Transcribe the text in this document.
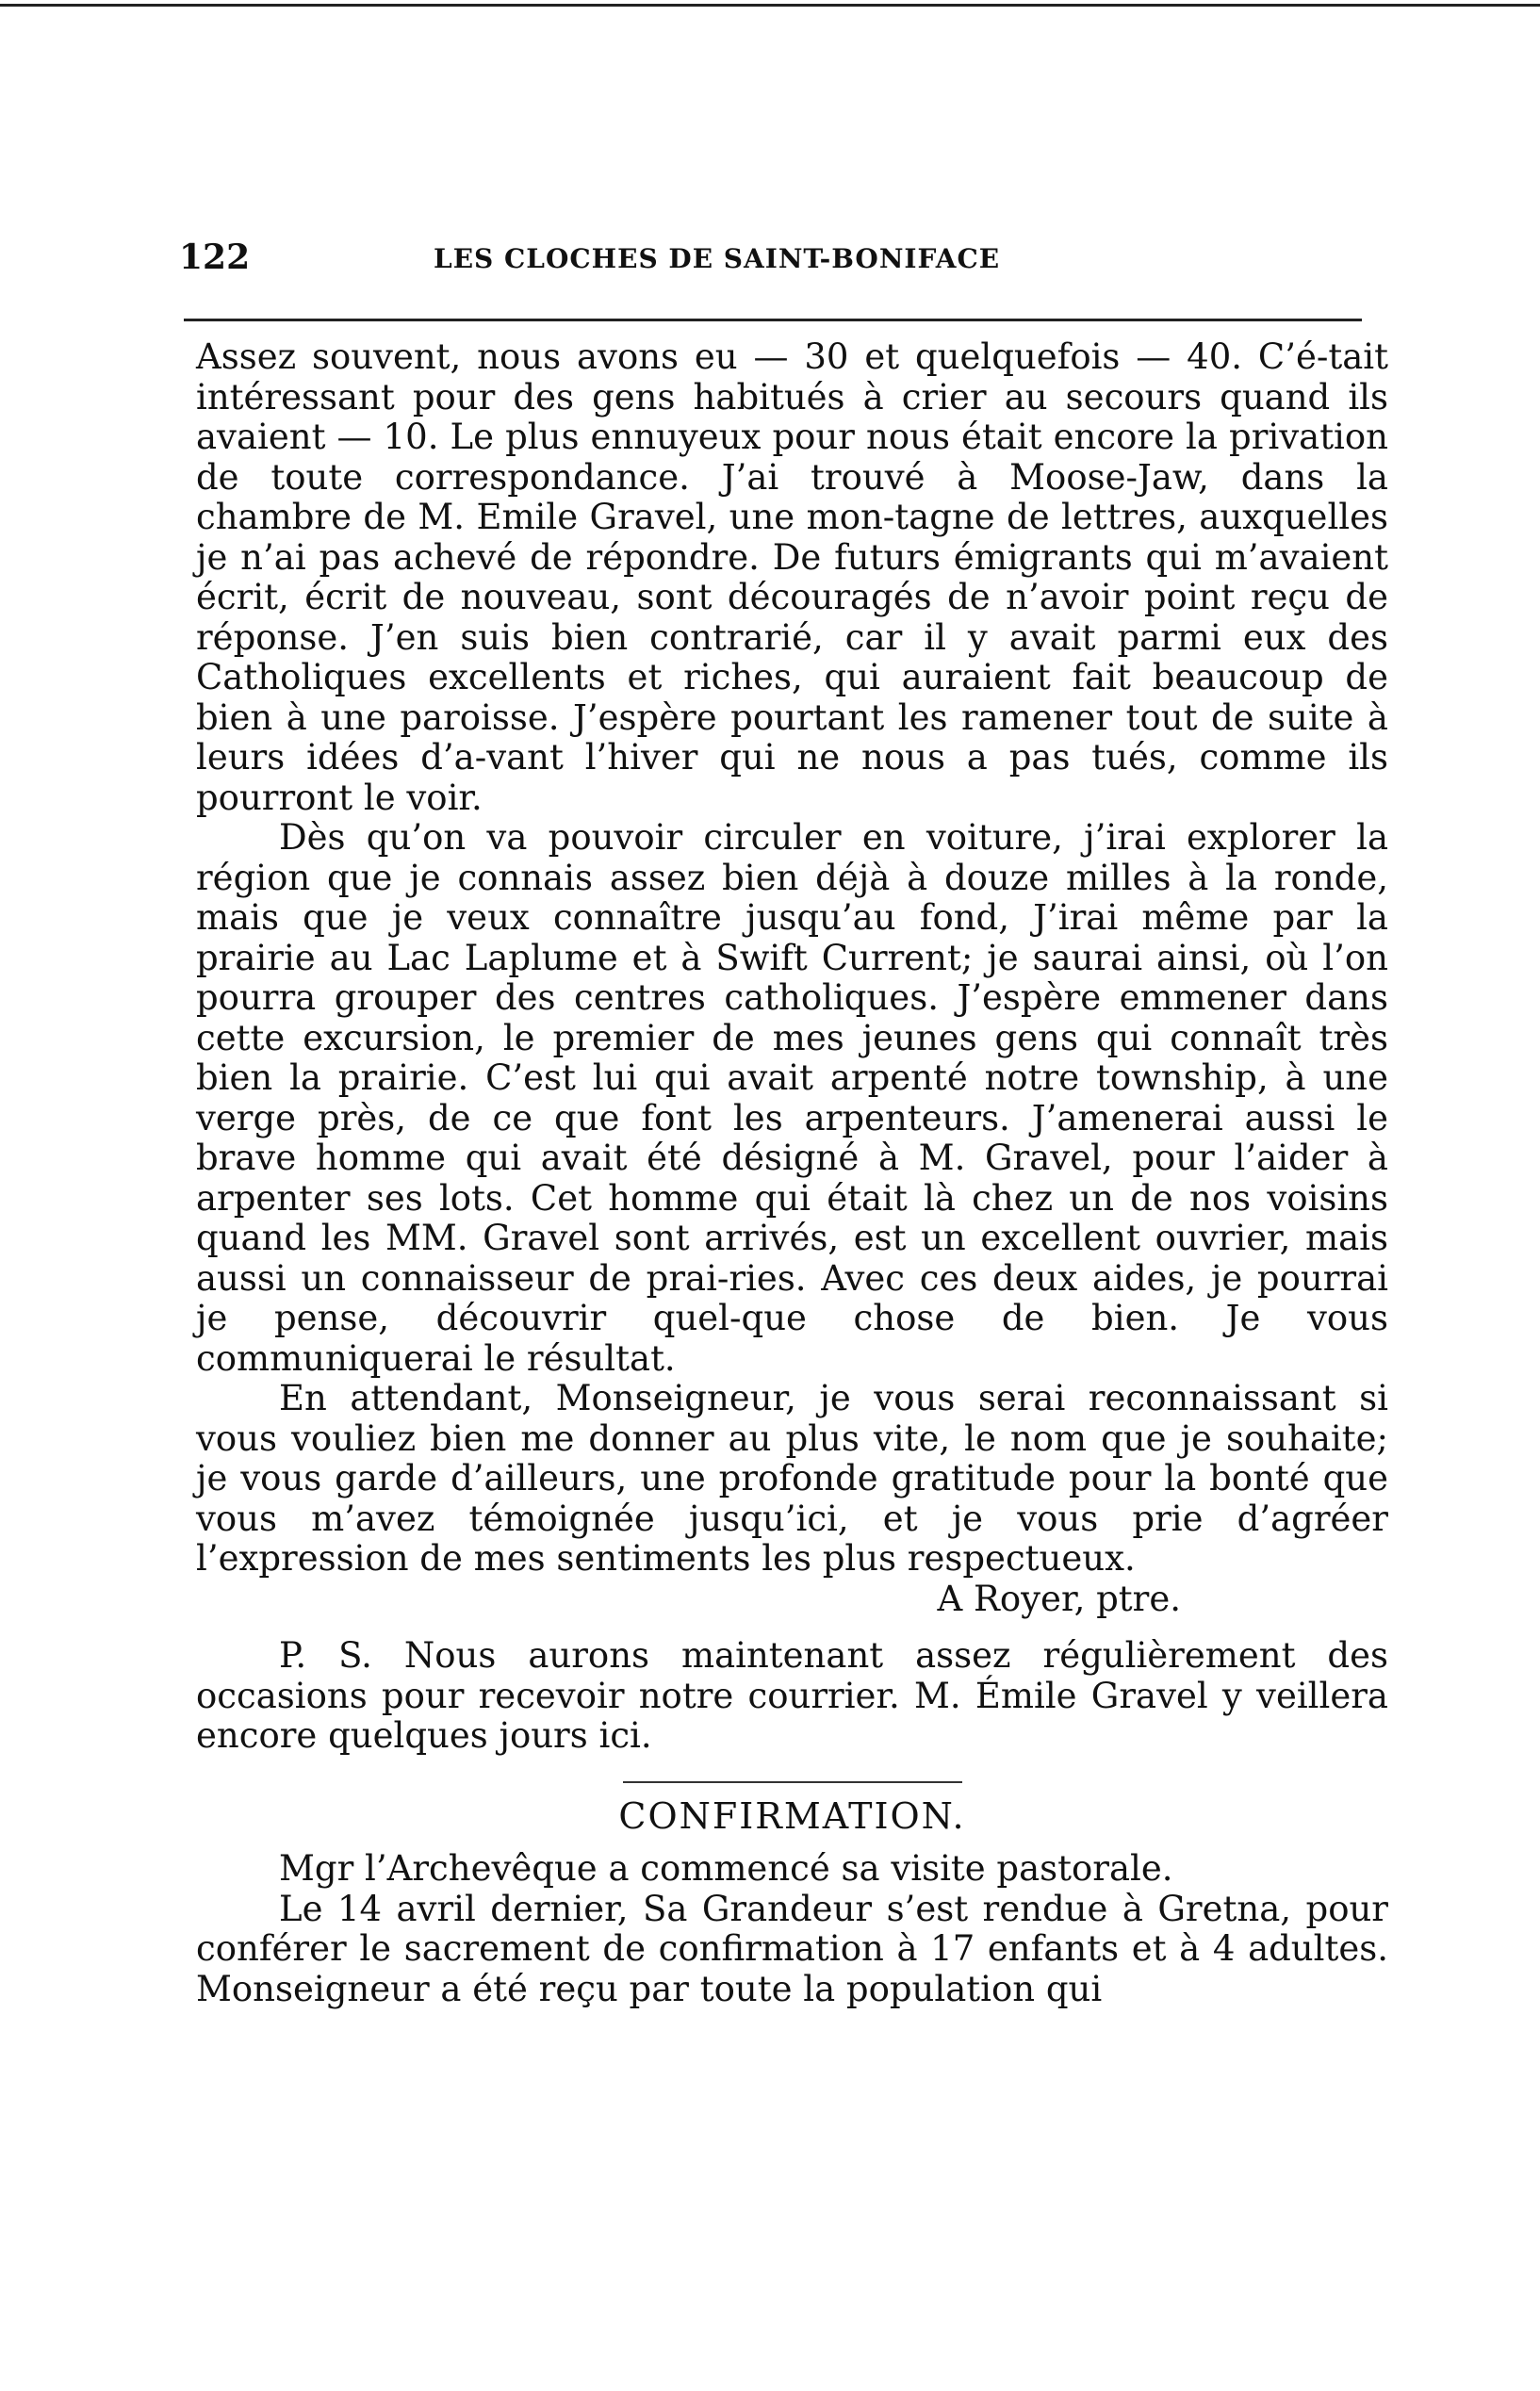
122	LES CLOCHES DE SAINT-BONIFACE

Assez souvent, nous avons eu — 30 et quelquefois — 40. C’é-tait intéressant pour des gens habitués à crier au secours quand ils avaient — 10. Le plus ennuyeux pour nous était encore la privation de toute correspondance. J’ai trouvé à Moose-Jaw, dans la chambre de M. Emile Gravel, une mon-tagne de lettres, auxquelles je n’ai pas achevé de répondre. De futurs émigrants qui m’avaient écrit, écrit de nouveau, sont découragés de n’avoir point reçu de réponse. J’en suis bien contrarié, car il y avait parmi eux des Catholiques excellents et riches, qui auraient fait beaucoup de bien à une paroisse. J’espère pourtant les ramener tout de suite à leurs idées d’a-vant l’hiver qui ne nous a pas tués, comme ils pourront le voir.

Dès qu’on va pouvoir circuler en voiture, j’irai explorer la région que je connais assez bien déjà à douze milles à la ronde, mais que je veux connaître jusqu’au fond, J’irai même par la prairie au Lac Laplume et à Swift Current; je saurai ainsi, où l’on pourra grouper des centres catholiques. J’espère emmener dans cette excursion, le premier de mes jeunes gens qui connaît très bien la prairie. C’est lui qui avait arpenté notre township, à une verge près, de ce que font les arpenteurs. J’amenerai aussi le brave homme qui avait été désigné à M. Gravel, pour l’aider à arpenter ses lots. Cet homme qui était là chez un de nos voisins quand les MM. Gravel sont arrivés, est un excellent ouvrier, mais aussi un connaisseur de prai-ries. Avec ces deux aides, je pourrai je pense, découvrir quel-que chose de bien. Je vous communiquerai le résultat.

En attendant, Monseigneur, je vous serai reconnaissant si vous vouliez bien me donner au plus vite, le nom que je souhaite; je vous garde d’ailleurs, une profonde gratitude pour la bonté que vous m’avez témoignée jusqu’ici, et je vous prie d’agréer l’expression de mes sentiments les plus respectueux.

A Royer, ptre.

P. S. Nous aurons maintenant assez régulièrement des occasions pour recevoir notre courrier. M. Émile Gravel y veillera encore quelques jours ici.

CONFIRMATION.

Mgr l’Archevêque a commencé sa visite pastorale.

Le 14 avril dernier, Sa Grandeur s’est rendue à Gretna, pour conférer le sacrement de confirmation à 17 enfants et à 4 adultes. Monseigneur a été reçu par toute la population qui
